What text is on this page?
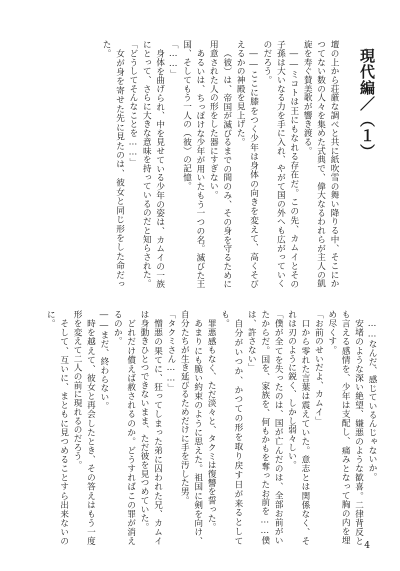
現代編／（１）

壇の上から荘厳な調べと共に紙吹雪の舞い降りる中、そこにかつてない数の人々を集めた式典で、偉大なるわれらが主人の凱旋を寿ぐ賛美歌が響き渡る。

――ミコトは王にもなれる存在だ。この先、カムイとその子孫は大いなる力を手に入れ、やがて国の外へも広がっていくのだろう。

――ここに膝をつく少年は身体の向きを変えて、高くそびえるかの神殿を見上げた。

（彼）は、帝国が滅びるまでの間のみ、その身を守るために用意された人の形をした器にすぎない。

あるいは、ちっぽけな少年が用いたもう一つの名。滅びた王国、そしてもう一人の（彼）の記憶。

「……」

身体を曲げられ、中を見せている少年の姿は、カムイの一族にとって、さらに大きな意味を持っているのだと知らされた。

「どうしてそんなことを……」

女が身を寄せた先に見たのは、彼女と同じ形をした命だった。

……なんだ、感じているんじゃないか。

安堵のような深い絶望、嫌悪のような歓喜。二律背反とも言える感情を、少年は支配し、痛みとなって胸の内を埋め尽くす。

「お前のせいだよ、カムイ」

口から零れた言葉は震えていた。意志とは関係なく、それは刃のように鋭く、しかし弱々しい。

「僕が全てを失ったのは、国が亡んだのは、全部お前がいたからだ。国を、家族を、何もかもを奪ったお前を……僕は、許さない」

自分がいつか、かつての形を取り戻す日が来るとしても。

罪悪感もなく、ただ淡々と、タクミは復讐を誓った。

あまりにも脆い約束のように思えた。祖国に剣を向け、自分たちが生き延びるためだけに手を汚した男。

「タクミさん……」

憎悪の果てに、狂ってしまった弟に囚われた兄、カムイは身動きひとつできないまま、ただ彼を見つめていた。

どれだけ償えば赦されるのか。どうすればこの罪が消えるのか。

――まだ、終わらない。

時を越えて、彼女と再会したとき、その答えはもう一度形を変えて二人の前に現れるのだろう。

そして、互いに、まともに見つめることすら出来ないのに。

4
